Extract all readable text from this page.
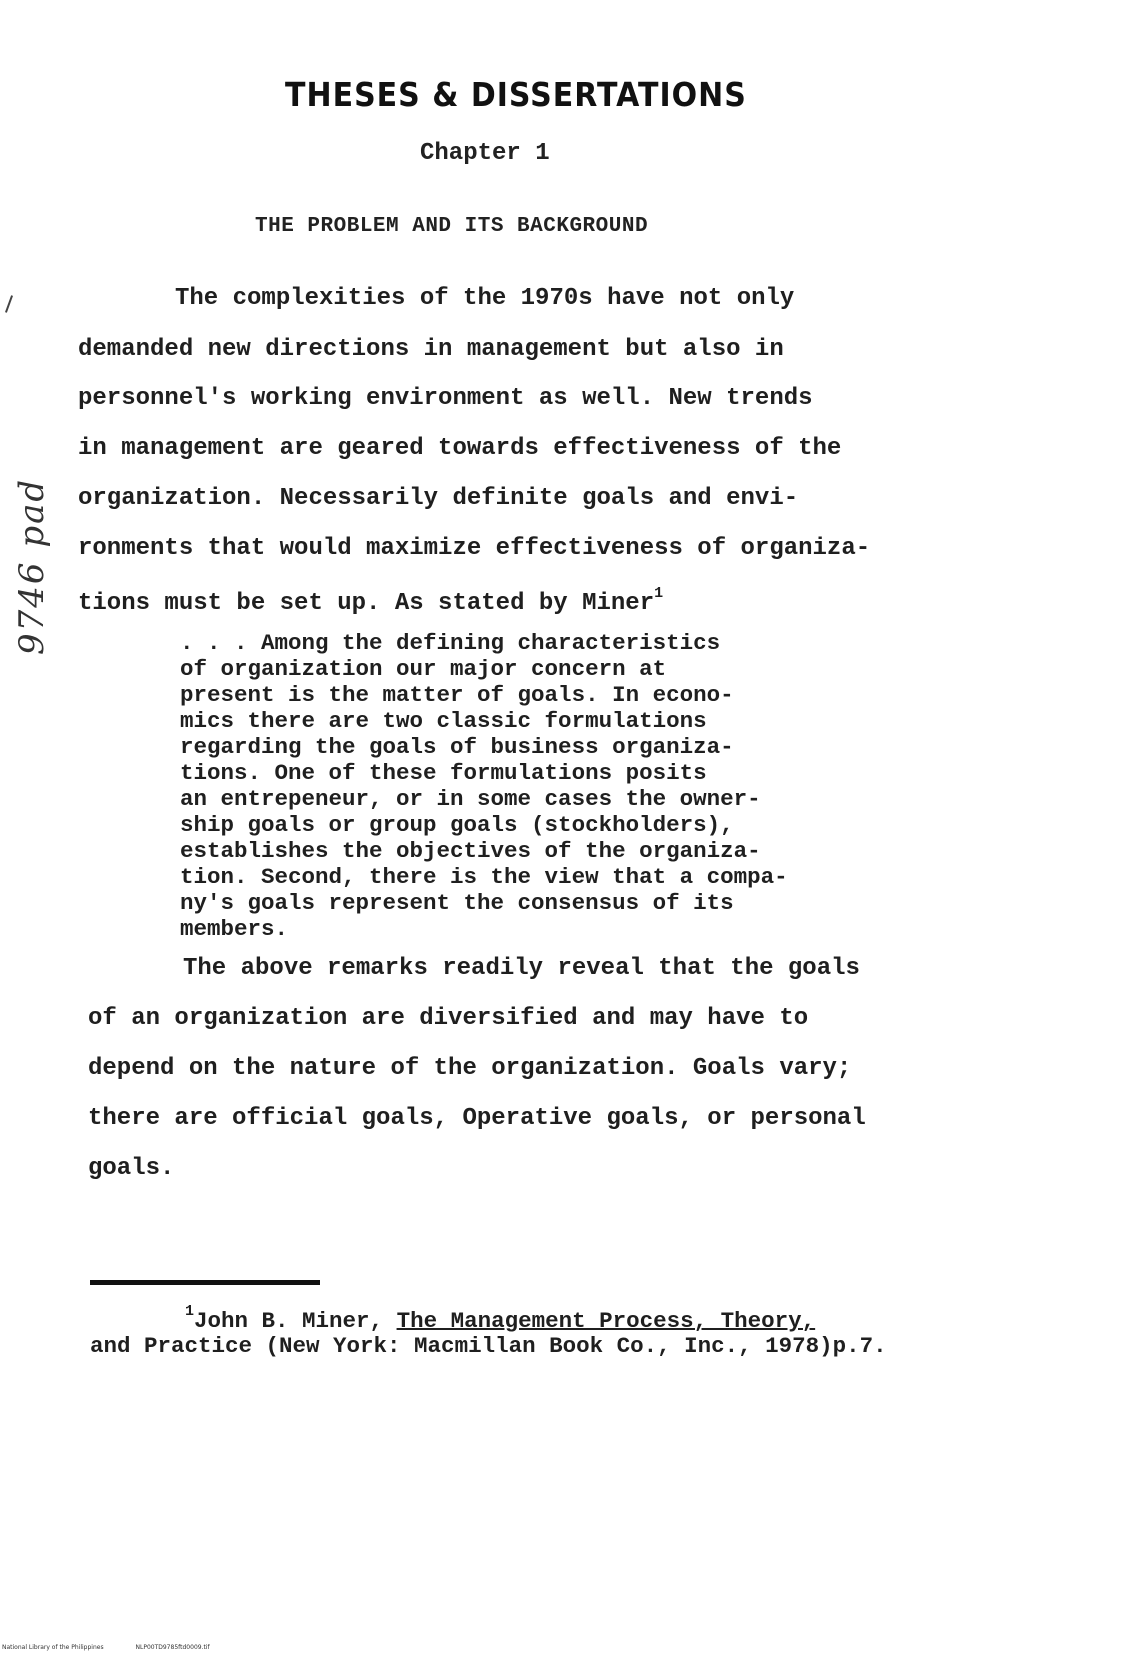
THESES & DISSERTATIONS
Chapter 1
THE PROBLEM AND ITS BACKGROUND
9746 pad
The complexities of the 1970s have not only
demanded new directions in management but also in
personnel's working environment as well. New trends
in management are geared towards effectiveness of the
organization. Necessarily definite goals and envi-
ronments that would maximize effectiveness of organiza-
tions must be set up. As stated by Miner$^1$
. . . Among the defining characteristics
of organization our major concern at
present is the matter of goals. In econo-
mics there are two classic formulations
regarding the goals of business organiza-
tions. One of these formulations posits
an entrepeneur, or in some cases the owner-
ship goals or group goals (stockholders),
establishes the objectives of the organiza-
tion. Second, there is the view that a compa-
ny's goals represent the consensus of its
members.
The above remarks readily reveal that the goals
of an organization are diversified and may have to
depend on the nature of the organization. Goals vary;
there are official goals, Operative goals, or personal
goals.
$^1$John B. Miner, The Management Process, Theory,
and Practice (New York: Macmillan Book Co., Inc., 1978)p.7.
National Library of the Philippines	NLP00TD9785ftd0009.tif
